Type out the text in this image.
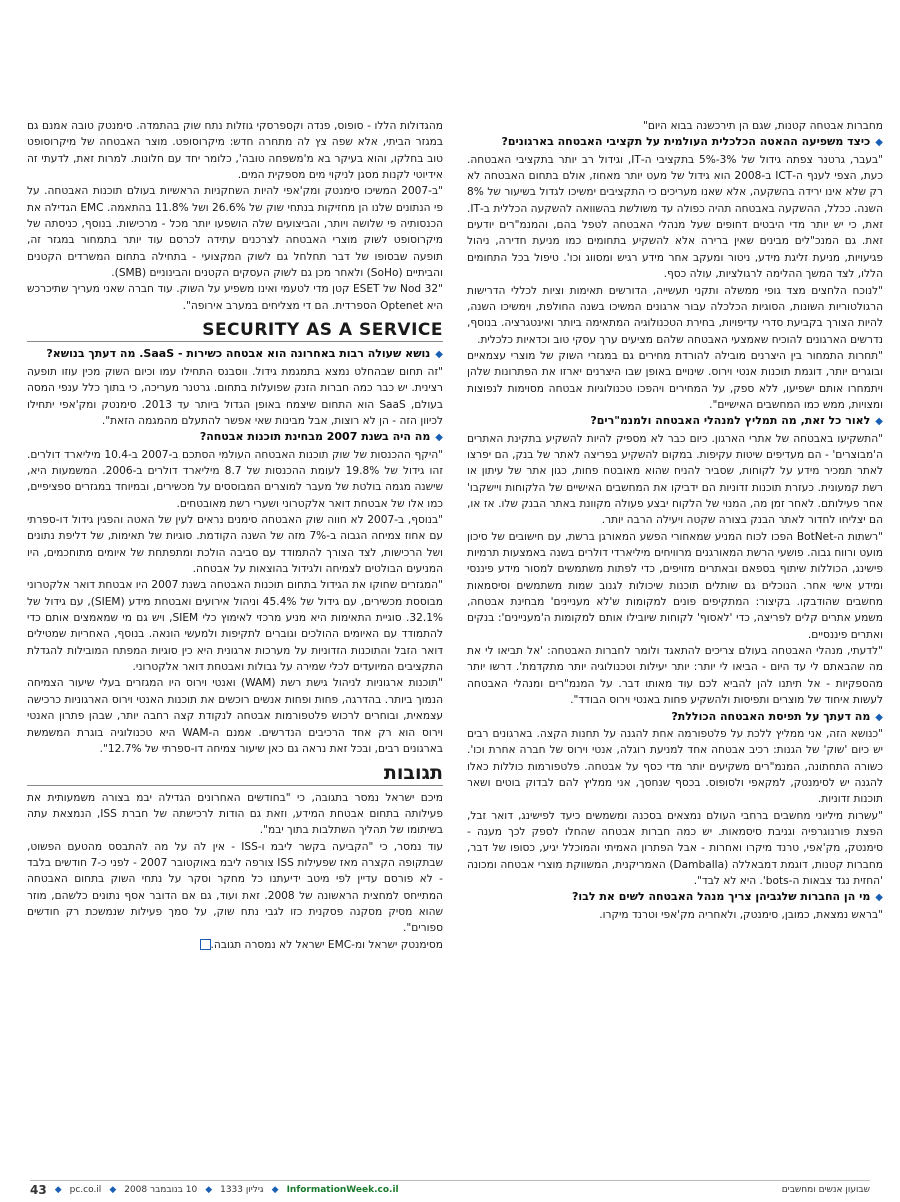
מחברות אבטחה קטנות, שגם הן תירכשנה בבוא היום"

◆
כיצד משפיעה ההאטה הכלכלית העולמית על תקציבי האבטחה בארגונים?

"בעבר, גרטנר צפתה גידול של 3%-5% בתקציבי ה-IT, וגידול רב יותר בתקציבי האבטחה. כעת, הצפי לענף ה-ICT ב-2008 הוא גידול של מעט יותר מאחוז, אולם בתחום האבטחה לא רק שלא אינו ירידה בהשקעה, אלא שאנו מעריכים כי התקציבים ימשיכו לגדול בשיעור של 8% השנה. ככלל, ההשקעה באבטחה תהיה כפולה עד משולשת בהשוואה להשקעה הכללית ב-IT. זאת, כי יש יותר מדי היבטים דחופים שעל מנהלי האבטחה לטפל בהם, והמנמ"רים יודעים זאת. גם המנכ"לים מבינים שאין ברירה אלא להשקיע בתחומים כמו מניעת חדירה, ניהול פגיעויות, מניעת זליגת מידע, ניטור ומעקב אחר מידע רגיש ומסווג וכו'. טיפול בכל התחומים הללו, לצד המשך ההלימה לרגולציות, עולה כסף.

"לנוכח הלחצים מצד גופי ממשלה ותקני תעשייה, הדורשים תאימות וציות לכללי הדרישות הרגולטוריות השונות, הסוגיות הכלכלה עבור ארגונים המשיכו בשנה החולפת, וימשיכו השנה, להיות הצורך בקביעת סדרי עדיפויות, בחירת הטכנולוגיה המתאימה ביותר ואינטגרציה. בנוסף, נדרשים הארגונים להוכיח שאמצעי האבטחה שלהם מציעים ערך עסקי טוב וכדאיות כלכלית.

"תחרות התמחור בין היצרנים מובילה להורדת מחירים גם במגזרי השוק של מוצרי עצמאיים ובוגרים יותר, דוגמת תוכנות אנטי וירוס. שינויים באופן שבו היצרנים יארזו את הפתרונות שלהן ויתמחרו אותם ישפיעו, ללא ספק, על המחירים ויהפכו טכנולוגיות אבטחה מסוימות לנפוצות ומצויות, ממש כמו המחשבים האישיים".

◆
לאור כל זאת, מה תמליץ למנהלי האבטחה ולמנמ"רים?

"התשקיעו באבטחה של אתרי הארגון. כיום כבר לא מספיק להיות להשקיע בתקינת האתרים ה'מבוצרים' - הם מעדיפים שיטות עקיפות. במקום להשקיע בפריצה לאתר של בנק, הם יפרצו לאתר תמכיר מידע על לקוחות, שסביר להניח שהוא מאובטח פחות, כגון אתר של עיתון או רשת קמעונית. כעזרת תוכנות זדוניות הם ידביקו את המחשבים האישיים של הלקוחות ויישקבו' אחר פעילותם. לאחר זמן מה, המנוי של הלקוח יבצע פעולה מקוונת באתר הבנק שלו. אז או, הם יצליחו לחדור לאתר הבנק בצורה שקטה ויעילה הרבה יותר.

"רשתות ה-BotNet הפכו לכוח המניע שמאחורי הפשע המאורגן ברשת, עם חישובים של סיכון מועט ורווח גבוה. פושעי הרשת המאורגנים מרוויחים מיליארדי דולרים בשנה באמצעות תרמיות פישינג, הכוללות שיתוף בספאם ובאתרים מזויפים, כדי לפתות משתמשים למסור מידע פיננסי ומידע אישי אחר. הנוכלים גם שותלים תוכנות שיכולות לגנוב שמות משתמשים וסיסמאות מחשבים שהודבקו. בקיצור: המתקיפים פונים למקומות ש'לא מעניינים' מבחינת אבטחה, משמע אתרים קלים לפריצה, כדי 'לאסוף' לקוחות שיובילו אותם למקומות ה'מעניינים': בנקים ואתרים פיננסיים.

"לדעתי, מנהלי האבטחה בעולם צריכים להתאגד ולומר לחברות האבטחה: 'אל תביאו לי את מה שהבאתם לי עד היום - הביאו לי יותר: יותר יעילות וטכנולוגיה יותר מתקדמת'. דרשו יותר מהספקיות - אל תיתנו להן להביא לכם עוד מאותו דבר. על המנמ"רים ומנהלי האבטחה לעשות איחוד של מוצרים ותפיסות ולהשקיע פחות באנטי וירוס הבודד".

◆
מה דעתך על תפיסת האבטחה הכוללת?

"כנושא הזה, אני ממליץ ללכת על פלטפורמה אחת להגנה על תחנות הקצה. בארגונים רבים יש כיום 'שוק' של הגנות: רכיב אבטחה אחד למניעת רוגלה, אנטי וירוס של חברה אחרת וכו'. כשורה התחתונה, המנמ"רים משקיעים יותר מדי כסף על אבטחה. פלטפורמות כוללות כאלו להגנה יש לסימנטק, למקאפי ולסופוס. בכסף שנחסך, אני ממליץ להם לבדוק בוטים ושאר תוכנות זדוניות.

"עשרות מיליוני מחשבים ברחבי העולם נמצאים בסכנה ומשמשים כיעד לפישינג, דואר זבל, הפצת פורנוגרפיה וגניבת סיסמאות. יש כמה חברות אבטחה שהחלו לספק לכך מענה - סימנטק, מק'אפי, טרנד מיקרו ואחרות - אבל הפתרון האמיתי והמוכלל יגיע, כסופו של דבר, מחברות קטנות, דוגמת דמבאללה (Damballa) האמריקנית, המשווקת מוצרי אבטחה ומכונה 'החזית נגד צבאות ה-bots'. היא לא לבד".

◆
מי הן החברות שלגביהן צריך מנהל האבטחה לשים את לבו?

"בראש נמצאת, כמובן, סימנטק, ולאחריה מק'אפי וטרנד מיקרו.

מהגדולות הללו - סופוס, פנדה וקספרסקי גוזלות נתח שוק בהתמדה. סימנטק טובה אמנם גם במגזר הביתי, אלא שפה צץ לה מתחרה חדש: מיקרוסופט. מוצר האבטחה של מיקרוסופט טוב בחלקו, והוא בעיקר בא מ'משפחה טובה', כלומר יחד עם חלונות. למרות זאת, לדעתי זה אידיוטי לקנות מסגן לניקוי מים מספקית המים.

"ב-2007 המשיכו סימנטק ומק'אפי להיות השחקניות הראשיות בעולם תוכנות האבטחה. על פי הנתונים שלנו הן מחזיקות בנתחי שוק של 26.6% ושל 11.8% בהתאמה. EMC הגדילה את הכנסותיה פי שלושה ויותר, והביצועים שלה הושפעו יותר מכל - מרכישות. בנוסף, כניסתה של מיקרוסופט לשוק מוצרי האבטחה לצרכנים עתידה לכרסם עוד יותר בתמחור במגזר זה, תופעה שבסופו של דבר תחלחל גם לשוק המקצועי - בתחילה בתחום המשרדים הקטנים והביתיים (SoHo) ולאחר מכן גם לשוק העסקים הקטנים והבינוניים (SMB).

"Nod 32 של ESET קטן מדי לטעמי ואינו משפיע על השוק. עוד חברה שאני מעריך שתיכרכש היא Optenet הספרדית. הם די מצליחים במערב אירופה".

SECURITY AS A SERVICE
◆
נושא שעולה רבות באחרונה הוא אבטחה כשירות - SaaS. מה דעתך בנושא?

"זה תחום שבהחלט נמצא בתמגמת גידול. ווסבנס התחילו עמו וכיום השוק מכין עוזו תופעה רצינית. יש כבר כמה חברות הזנק שפועלות בתחום. גרטנר מעריכה, כי בתוך כלל ענפי המסה בעולם, SaaS הוא התחום שיצמח באופן הגדול ביותר עד 2013. סימנטק ומק'אפי יתחילו לכיוון הזה - הן לא רוצות, אבל מבינות שאי אפשר להתעלם מהמגמה הזאת".

◆
מה היה בשנת 2007 מבחינת תוכנות אבטחה?

"היקף ההכנסות של שוק תוכנות האבטחה העולמי הסתכם ב-2007 ב-10.4 מיליארד דולרים. זהו גידול של 19.8% לעומת ההכנסות של 8.7 מיליארד דולרים ב-2006. המשמעות היא, שישנה מגמה בולטת של מעבר למוצרים המבוססים על מכשירים, ובמיוחד במגזרים ספציפיים, כמו אלו של אבטחת דואר אלקטרוני ושערי רשת מאובטחים.

"בנוסף, ב-2007 לא חווה שוק האבטחה סימנים נראים לעין של האטה והפגין גידול דו-ספרתי עם אחוז צמיחה הגבוה ב-7% מזה של השנה הקודמת. סוגיות של תאימות, של דליפת נתונים ושל הרכישות, לצד הצורך להתמודד עם סביבה הולכת ומתפתחת של איומים מתוחכמים, היו המניעים הבולטים לצמיחה ולגידול בהוצאות על אבטחה.

"המגזרים שחוקו את הגידול בתחום תוכנות האבטחה בשנת 2007 היו אבטחת דואר אלקטרוני מבוססת מכשירים, עם גידול של 45.4% וניהול אירועים ואבטחת מידע (SIEM), עם גידול של 32.1%. סוגיית התאימות היא מניע מרכזי לאימוץ כלי SIEM, ויש גם מי שמאמצים אותם כדי להתמודד עם האיומים ההולכים וגוברים לתקיפות ולמעשי הונאה. בנוסף, האחריות שמטילים דואר הזבל והתוכנות הזדוניות על מערכות ארגונית היא כין סוגיות המפתח המובילות להגדלת התקציבים המיועדים לכלי שמירה על גבולות ואבטחת דואר אלקטרוני.

"תוכנות ארגוניות לניהול גישת רשת (WAM) ואנטי וירוס היו המגזרים בעלי שיעור הצמיחה הנמוך ביותר. בהדרגה, פחות ופחות אנשים רוכשים את תוכנות האנטי וירוס הארגוניות כרכישה עצמאית, ובוחרים לרכוש פלטפורמות אבטחה לנקודת קצה רחבה יותר, שבהן פתרון האנטי וירוס הוא רק אחד הרכיבים הנדרשים. אמנם ה-WAM היא טכנולוגיה בוגרת המשמשת בארגונים רבים, ובכל זאת נראה גם כאן שיעור צמיחה דו-ספרתי של 12.7%".

תגובות

מיכם ישראל נמסר בתגובה, כי "בחודשים האחרונים הגדילה יבמ בצורה משמעותית את פעילותה בתחום אבטחת המידע, וזאת גם הודות לרכישתה של חברת ISS, הנמצאת עתה בשיתומו של תהליך השתלבות בתוך יבמ".

עוד נמסר, כי "הקביעה בקשר ליבמ ו-ISS - אין לה על מה להתבסס מהטעם הפשוט, שבתקופה הקצרה מאז שפעילות ISS צורפה ליבמ באוקטובר 2007 - לפני כ-7 חודשים בלבד - לא פורסם עדיין לפי מיטב ידיעתנו כל מחקר וסקר על נתחי השוק בתחום האבטחה המתייחס למחצית הראשונה של 2008. זאת ועוד, גם אם הדובר אסף נתונים כלשהם, מוזר שהוא מסיק מסקנה פסקנית כזו לגבי נתח שוק, על סמך פעילות שנמשכת רק חודשים ספורים".

מסימנטק ישראל ומ-EMC ישראל לא נמסרה תגובה.

43 ◆ pc.co.il ◆ 10 בנובמבר 2008 ◆ גיליון 1333 ◆ InformationWeek.co.il	שבועון אנשים ומחשבים
